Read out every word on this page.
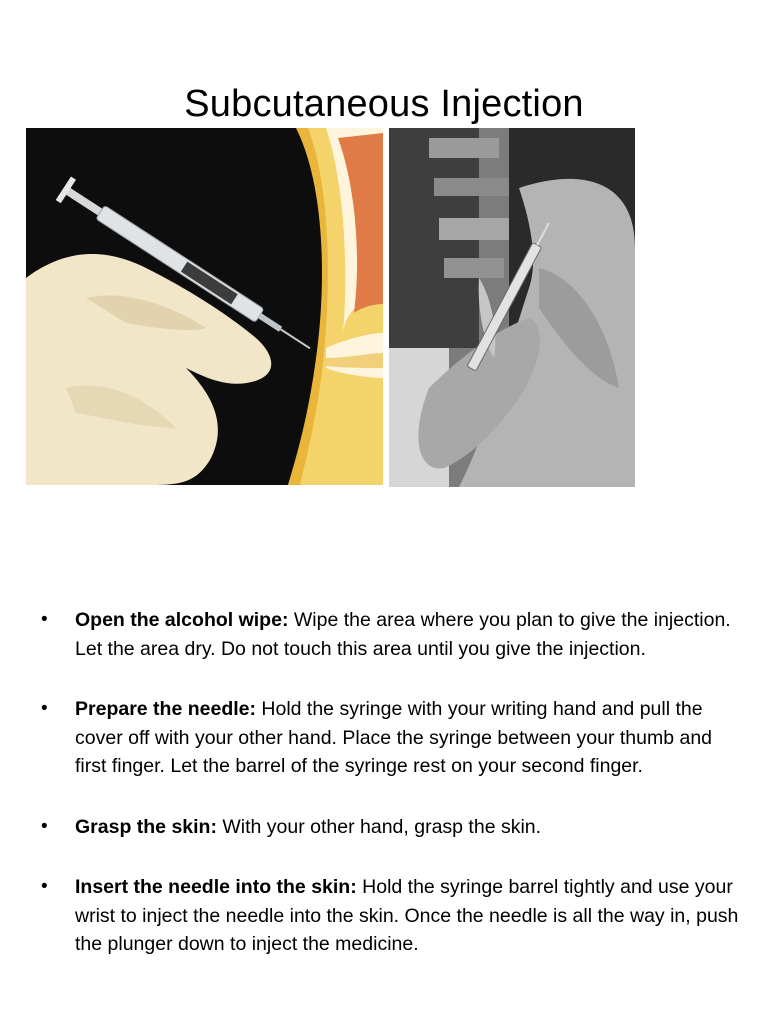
Subcutaneous Injection
• Open the alcohol wipe: Wipe the area where you plan to give the injection. Let the area dry. Do not touch this area until you give the injection.
• Prepare the needle: Hold the syringe with your writing hand and pull the cover off with your other hand. Place the syringe between your thumb and first finger. Let the barrel of the syringe rest on your second finger.
• Grasp the skin: With your other hand, grasp the skin.
• Insert the needle into the skin: Hold the syringe barrel tightly and use your wrist to inject the needle into the skin. Once the needle is all the way in, push the plunger down to inject the medicine.
